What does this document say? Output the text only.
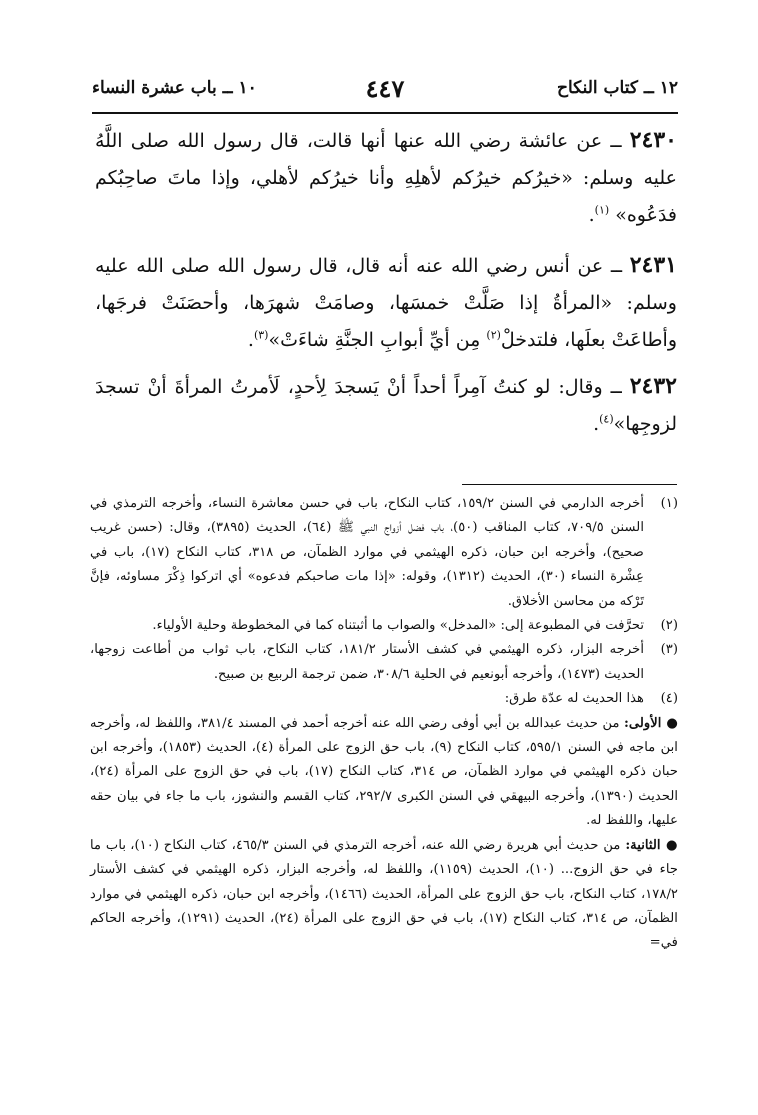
١٢ ــ كتاب النكاح
٤٤٧
١٠ ــ باب عشرة النساء
٢٤٣٠ ــ عن عائشة رضي الله عنها أنها قالت، قال رسول الله صلى اللَّهُ عليه وسلم: «خيرُكم خيرُكم لأهلِهِ وأنا خيرُكم لأهلي، وإذا ماتَ صاحِبُكم فدَعُوه» $^{(١)}$.
٢٤٣١ ــ عن أنس رضي الله عنه أنه قال، قال رسول الله صلى الله عليه وسلم: «المرأةُ إذا صَلَّتْ خمسَها، وصامَتْ شهرَها، وأحصَنَتْ فرجَها، وأطاعَتْ بعلَها، فلتدخلْ$^{(٢)}$ مِن أيِّ أبوابِ الجنَّةِ شاءَتْ»$^{(٣)}$.
٢٤٣٢ ــ وقال: لو كنتُ آمِراً أحداً أنْ يَسجدَ لِأحدٍ، لَأمرتُ المرأةَ أنْ تسجدَ لزوجِها»$^{(٤)}$.
(١)
أخرجه الدارمي في السنن ١٥٩/٢، كتاب النكاح، باب في حسن معاشرة النساء، وأخرجه الترمذي في السنن ٧٠٩/٥، كتاب المناقب (٥٠)، باب فضل أزواج النبي ﷺ (٦٤)، الحديث (٣٨٩٥)، وقال: (حسن غريب صحيح)، وأخرجه ابن حبان، ذكره الهيثمي في موارد الظمآن، ص ٣١٨، كتاب النكاح (١٧)، باب في عِشْرة النساء (٣٠)، الحديث (١٣١٢)، وقوله: «إذا مات صاحبكم فدعوه» أي اتركوا ذِكْرَ مساوئه، فإنَّ تَرْكه من محاسن الأخلاق.
(٢)
تحرَّفت في المطبوعة إلى: «المدخل» والصواب ما أثبتناه كما في المخطوطة وحلية الأولياء.
(٣)
أخرجه البزار، ذكره الهيثمي في كشف الأستار ١٨١/٢، كتاب النكاح، باب ثواب من أطاعت زوجها، الحديث (١٤٧٣)، وأخرجه أبونعيم في الحلية ٣٠٨/٦، ضمن ترجمة الربيع بن صبيح.
(٤)
هذا الحديث له عدّة طرق:
● الأولى: من حديث عبدالله بن أبي أوفى رضي الله عنه أخرجه أحمد في المسند ٣٨١/٤، واللفظ له، وأخرجه ابن ماجه في السنن ٥٩٥/١، كتاب النكاح (٩)، باب حق الزوج على المرأة (٤)، الحديث (١٨٥٣)، وأخرجه ابن حبان ذكره الهيثمي في موارد الظمآن، ص ٣١٤، كتاب النكاح (١٧)، باب في حق الزوج على المرأة (٢٤)، الحديث (١٣٩٠)، وأخرجه البيهقي في السنن الكبرى ٢٩٢/٧، كتاب القسم والنشوز، باب ما جاء في بيان حقه عليها، واللفظ له.
● الثانية: من حديث أبي هريرة رضي الله عنه، أخرجه الترمذي في السنن ٤٦٥/٣، كتاب النكاح (١٠)، باب ما جاء في حق الزوج... (١٠)، الحديث (١١٥٩)، واللفظ له، وأخرجه البزار، ذكره الهيثمي في كشف الأستار ١٧٨/٢، كتاب النكاح، باب حق الزوج على المرأة، الحديث (١٤٦٦)، وأخرجه ابن حبان، ذكره الهيثمي في موارد الظمآن، ص ٣١٤، كتاب النكاح (١٧)، باب في حق الزوج على المرأة (٢٤)، الحديث (١٢٩١)، وأخرجه الحاكم في=
